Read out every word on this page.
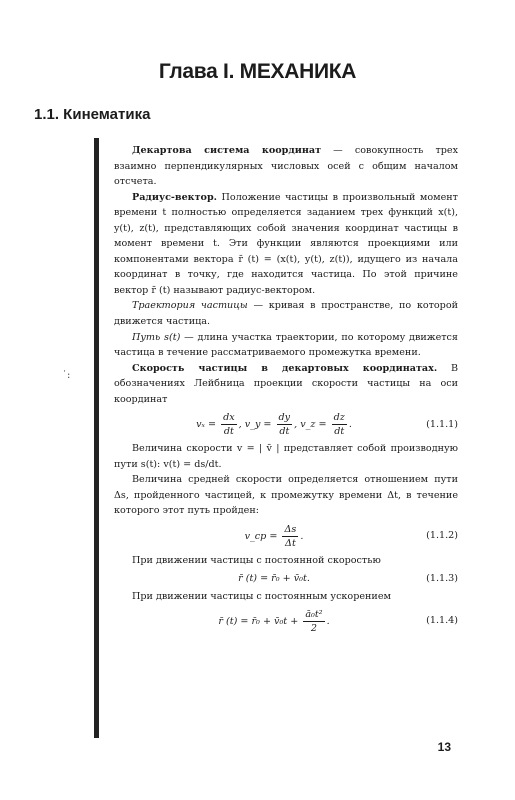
Глава I. МЕХАНИКА
1.1. Кинематика
˙:

Декартова система координат — совокупность трех взаимно перпендикулярных числовых осей с общим началом отсчета.

Радиус-вектор. Положение частицы в произвольный момент времени t полностью определяется заданием трех функций x(t), y(t), z(t), представляющих собой значения координат частицы в момент времени t. Эти функции являются проекциями или компонентами вектора r̄ (t) = (x(t), y(t), z(t)), идущего из начала координат в точку, где находится частица. По этой причине вектор r̄ (t) называют радиус-вектором.

Траектория частицы — кривая в пространстве, по которой движется частица.

Путь s(t) — длина участка траектории, по которому движется частица в течение рассматриваемого промежутка времени.

Скорость частицы в декартовых координатах. В обозначениях Лейбница проекции скорости частицы на оси координат

$v_x = \frac{dx}{dt}$ , v_y = $\frac{dy}{dt}$ , v_z = $\frac{dz}{dt}$ .	(1.1.1)

Величина скорости v = | v̄ | представляет собой производную пути s(t): v(t) = ds/dt.

Величина средней скорости определяется отношением пути Δs, пройденного частицей, к промежутку времени Δt, в течение которого этот путь пройден:

v_ср = $\frac{\Delta s}{\Delta t}$ .	(1.1.2)

При движении частицы с постоянной скоростью

r̄ (t) = r̄₀ + v̄₀t.	(1.1.3)

При движении частицы с постоянным ускорением

r̄ (t) = r̄₀ + v̄₀t + $\frac{\text{ā₀t²}}{2}$ .	(1.1.4)
13
